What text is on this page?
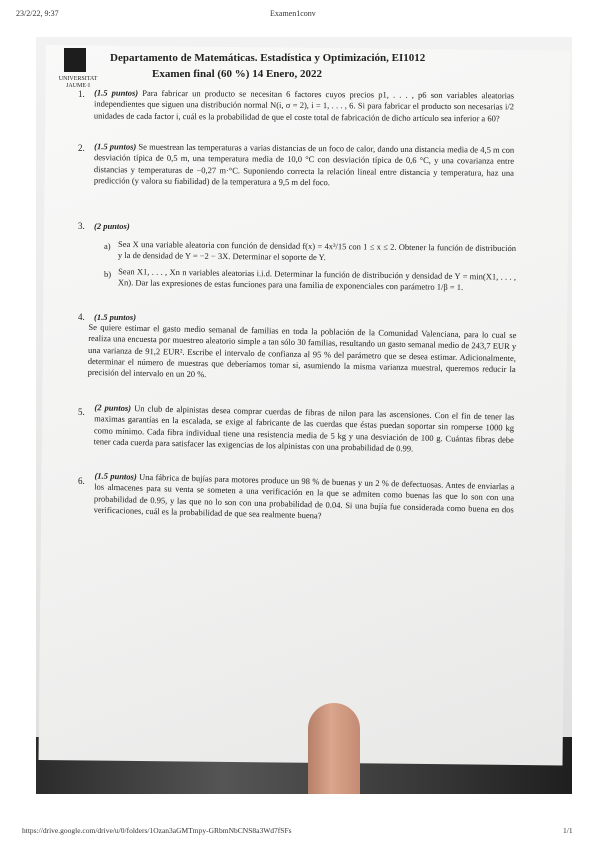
23/2/22, 9:37	Examen1conv
UNIVERSITAT
JAUME·I
Departamento de Matemáticas. Estadística y Optimización, EI1012
Examen final (60 %) 14 Enero, 2022
1. (1.5 puntos) Para fabricar un producto se necesitan 6 factores cuyos precios p1, . . . , p6 son variables aleatorias independientes que siguen una distribución normal N(i, σ = 2), i = 1, . . . , 6. Si para fabricar el producto son necesarias i/2 unidades de cada factor i, cuál es la probabilidad de que el coste total de fabricación de dicho artículo sea inferior a 60?
2. (1.5 puntos) Se muestrean las temperaturas a varias distancias de un foco de calor, dando una distancia media de 4,5 m con desviación típica de 0,5 m, una temperatura media de 10,0 °C con desviación típica de 0,6 °C, y una covarianza entre distancias y temperaturas de −0,27 m·°C. Suponiendo correcta la relación lineal entre distancia y temperatura, haz una predicción (y valora su fiabilidad) de la temperatura a 9,5 m del foco.
3. (2 puntos)
a) Sea X una variable aleatoria con función de densidad f(x) = 4x³/15 con 1 ≤ x ≤ 2. Obtener la función de distribución y la de densidad de Y = −2 − 3X. Determinar el soporte de Y.
b) Sean X1, . . . , Xn n variables aleatorias i.i.d. Determinar la función de distribución y densidad de Y = min(X1, . . . , Xn). Dar las expresiones de estas funciones para una familia de exponenciales con parámetro 1/β = 1.
4. (1.5 puntos)
Se quiere estimar el gasto medio semanal de familias en toda la población de la Comunidad Valenciana, para lo cual se realiza una encuesta por muestreo aleatorio simple a tan sólo 30 familias, resultando un gasto semanal medio de 243,7 EUR y una varianza de 91,2 EUR². Escribe el intervalo de confianza al 95 % del parámetro que se desea estimar. Adicionalmente, determinar el número de muestras que deberíamos tomar si, asumiendo la misma varianza muestral, queremos reducir la precisión del intervalo en un 20 %.
5. (2 puntos) Un club de alpinistas desea comprar cuerdas de fibras de nilon para las ascensiones. Con el fin de tener las maximas garantías en la escalada, se exige al fabricante de las cuerdas que éstas puedan soportar sin romperse 1000 kg como mínimo. Cada fibra individual tiene una resistencia media de 5 kg y una desviación de 100 g. Cuántas fibras debe tener cada cuerda para satisfacer las exigencias de los alpinistas con una probabilidad de 0.99.
6. (1.5 puntos) Una fábrica de bujías para motores produce un 98 % de buenas y un 2 % de defectuosas. Antes de enviarlas a los almacenes para su venta se someten a una verificación en la que se admiten como buenas las que lo son con una probabilidad de 0.95, y las que no lo son con una probabilidad de 0.04. Si una bujía fue considerada como buena en dos verificaciones, cuál es la probabilidad de que sea realmente buena?
https://drive.google.com/drive/u/0/folders/1Ozan3aGMTmpy-GRbmNbCNS8a3Wd7fSFs	1/1
